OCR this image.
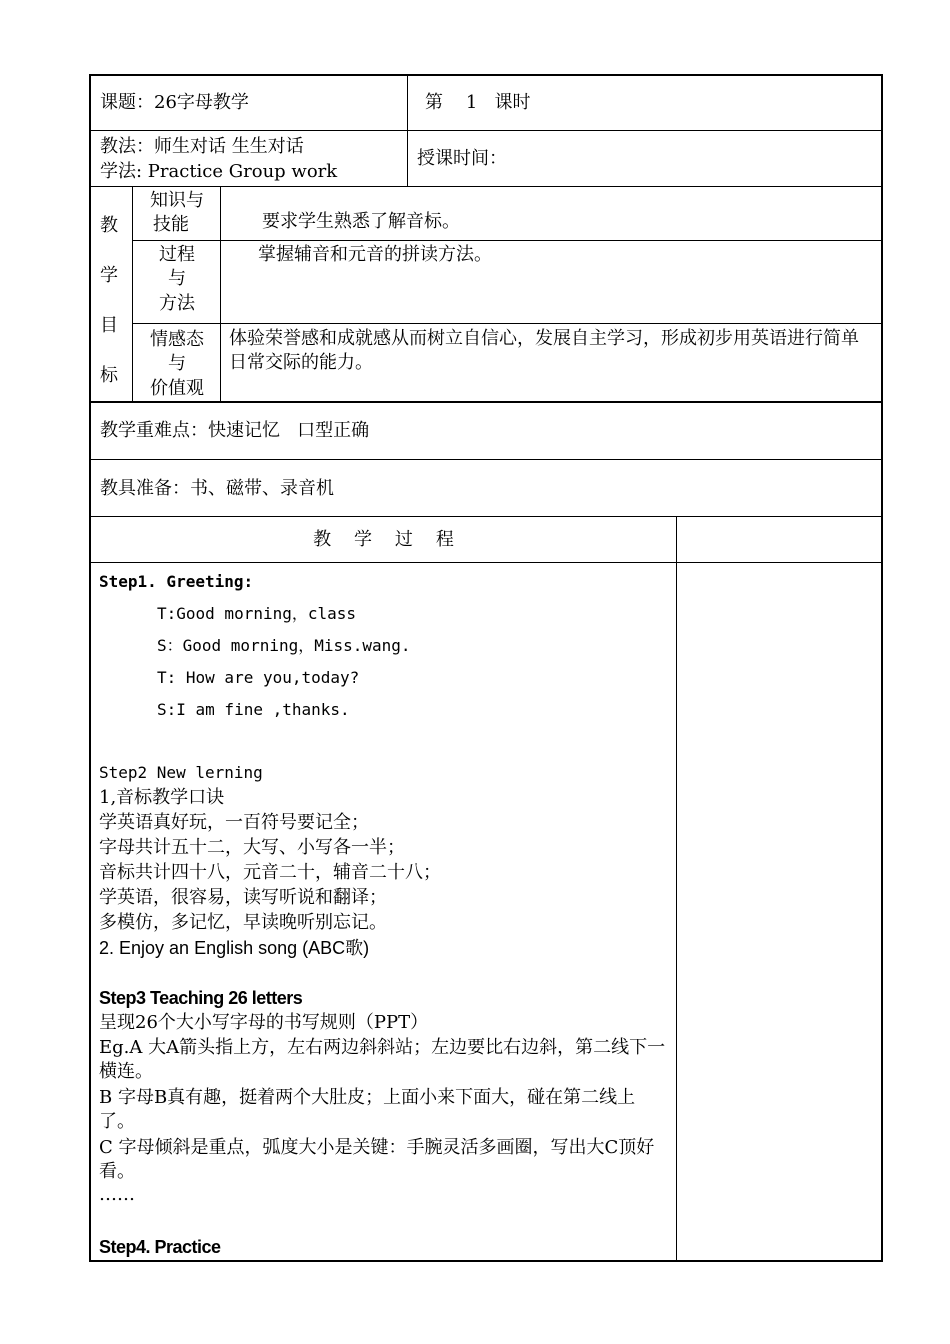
课题：26字母教学	第    1   课时
教法：师生对话 生生对话
学法: Practice Group work
授课时间：
教
学
目
标
知识与
技能	要求学生熟悉了解音标。
过程
与
方法
掌握辅音和元音的拼读方法。
情感态
与
价值观
体验荣誉感和成就感从而树立自信心，发展自主学习，形成初步用英语进行简单日常交际的能力。
教学重难点：快速记忆   口型正确
教具准备：书、磁带、录音机
教    学    过    程
Step1. Greeting:
T:Good morning，class
S：Good morning，Miss.wang.
T: How are you,today?
S:I am fine ,thanks.
Step2 New lerning
1,音标教学口诀
学英语真好玩，一百符号要记全；
字母共计五十二，大写、小写各一半；
音标共计四十八，元音二十，辅音二十八；
学英语，很容易，读写听说和翻译；
多模仿，多记忆，早读晚听别忘记。
2. Enjoy an English song (ABC歌)
Step3 Teaching 26 letters
呈现26个大小写字母的书写规则（PPT）
Eg.A 大A箭头指上方，左右两边斜斜站；左边要比右边斜，第二线下一横连。
B 字母B真有趣，挺着两个大肚皮；上面小来下面大，碰在第二线上了。
C 字母倾斜是重点，弧度大小是关键：手腕灵活多画圈，写出大C顶好看。
……
Step4. Practice
